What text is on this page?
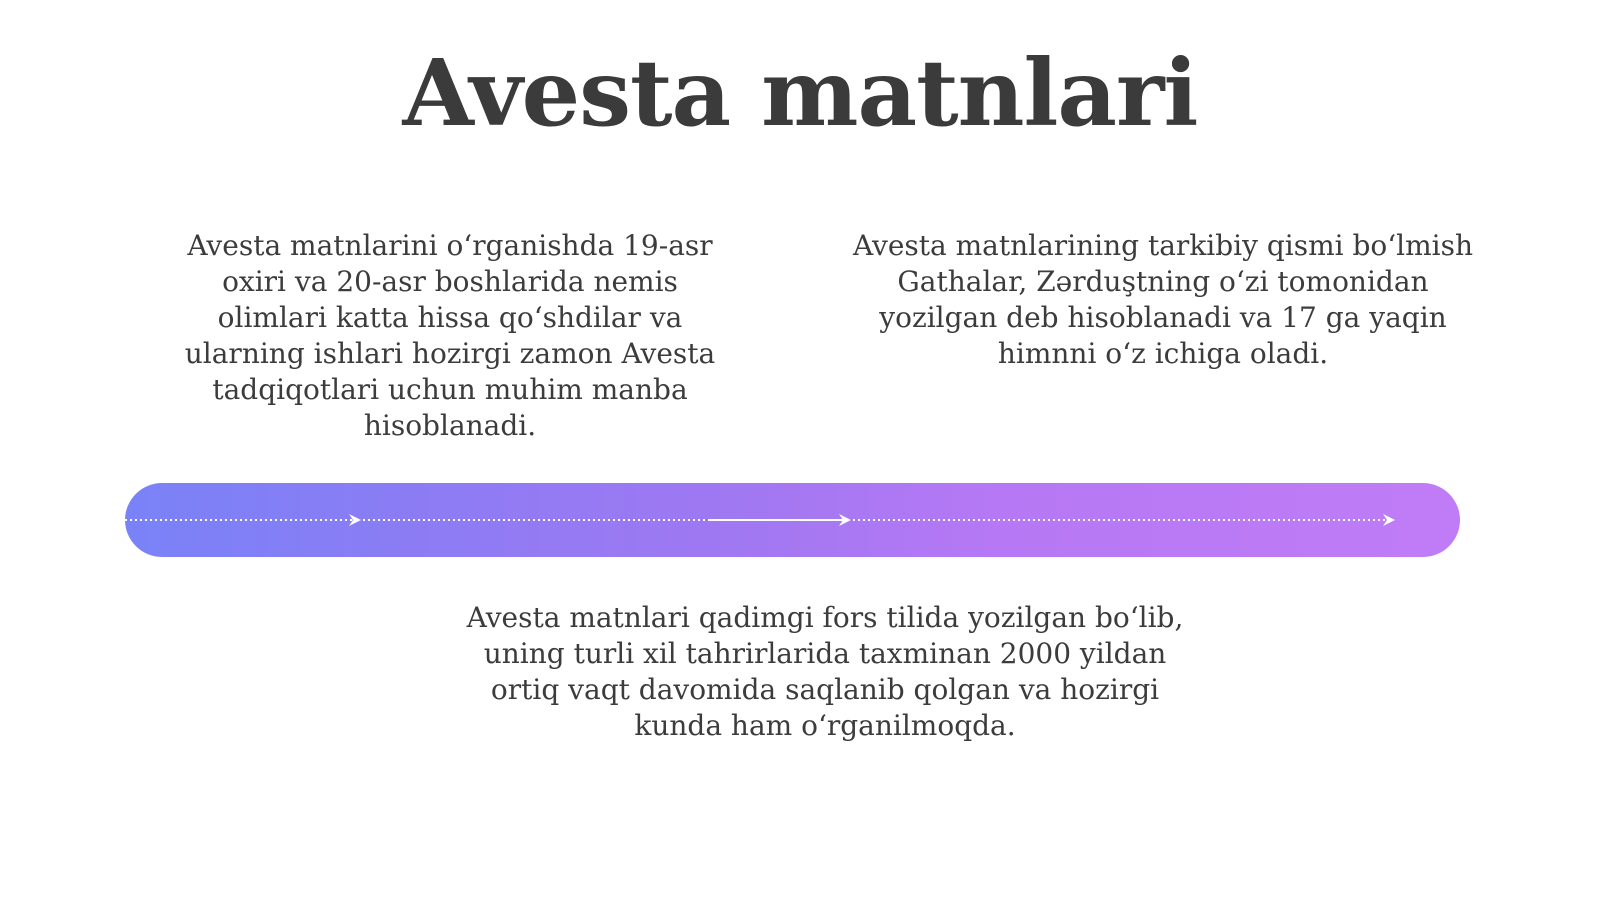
Avesta matnlari

Avesta matnlarini o‘rganishda 19-asr oxiri va 20-asr boshlarida nemis olimlari katta hissa qo‘shdilar va ularning ishlari hozirgi zamon Avesta tadqiqotlari uchun muhim manba hisoblanadi.

Avesta matnlarining tarkibiy qismi bo‘lmish Gathalar, Zərduştning o‘zi tomonidan yozilgan deb hisoblanadi va 17 ga yaqin himnni o‘z ichiga oladi.

Avesta matnlari qadimgi fors tilida yozilgan bo‘lib, uning turli xil tahrirlarida taxminan 2000 yildan ortiq vaqt davomida saqlanib qolgan va hozirgi kunda ham o‘rganilmoqda.
